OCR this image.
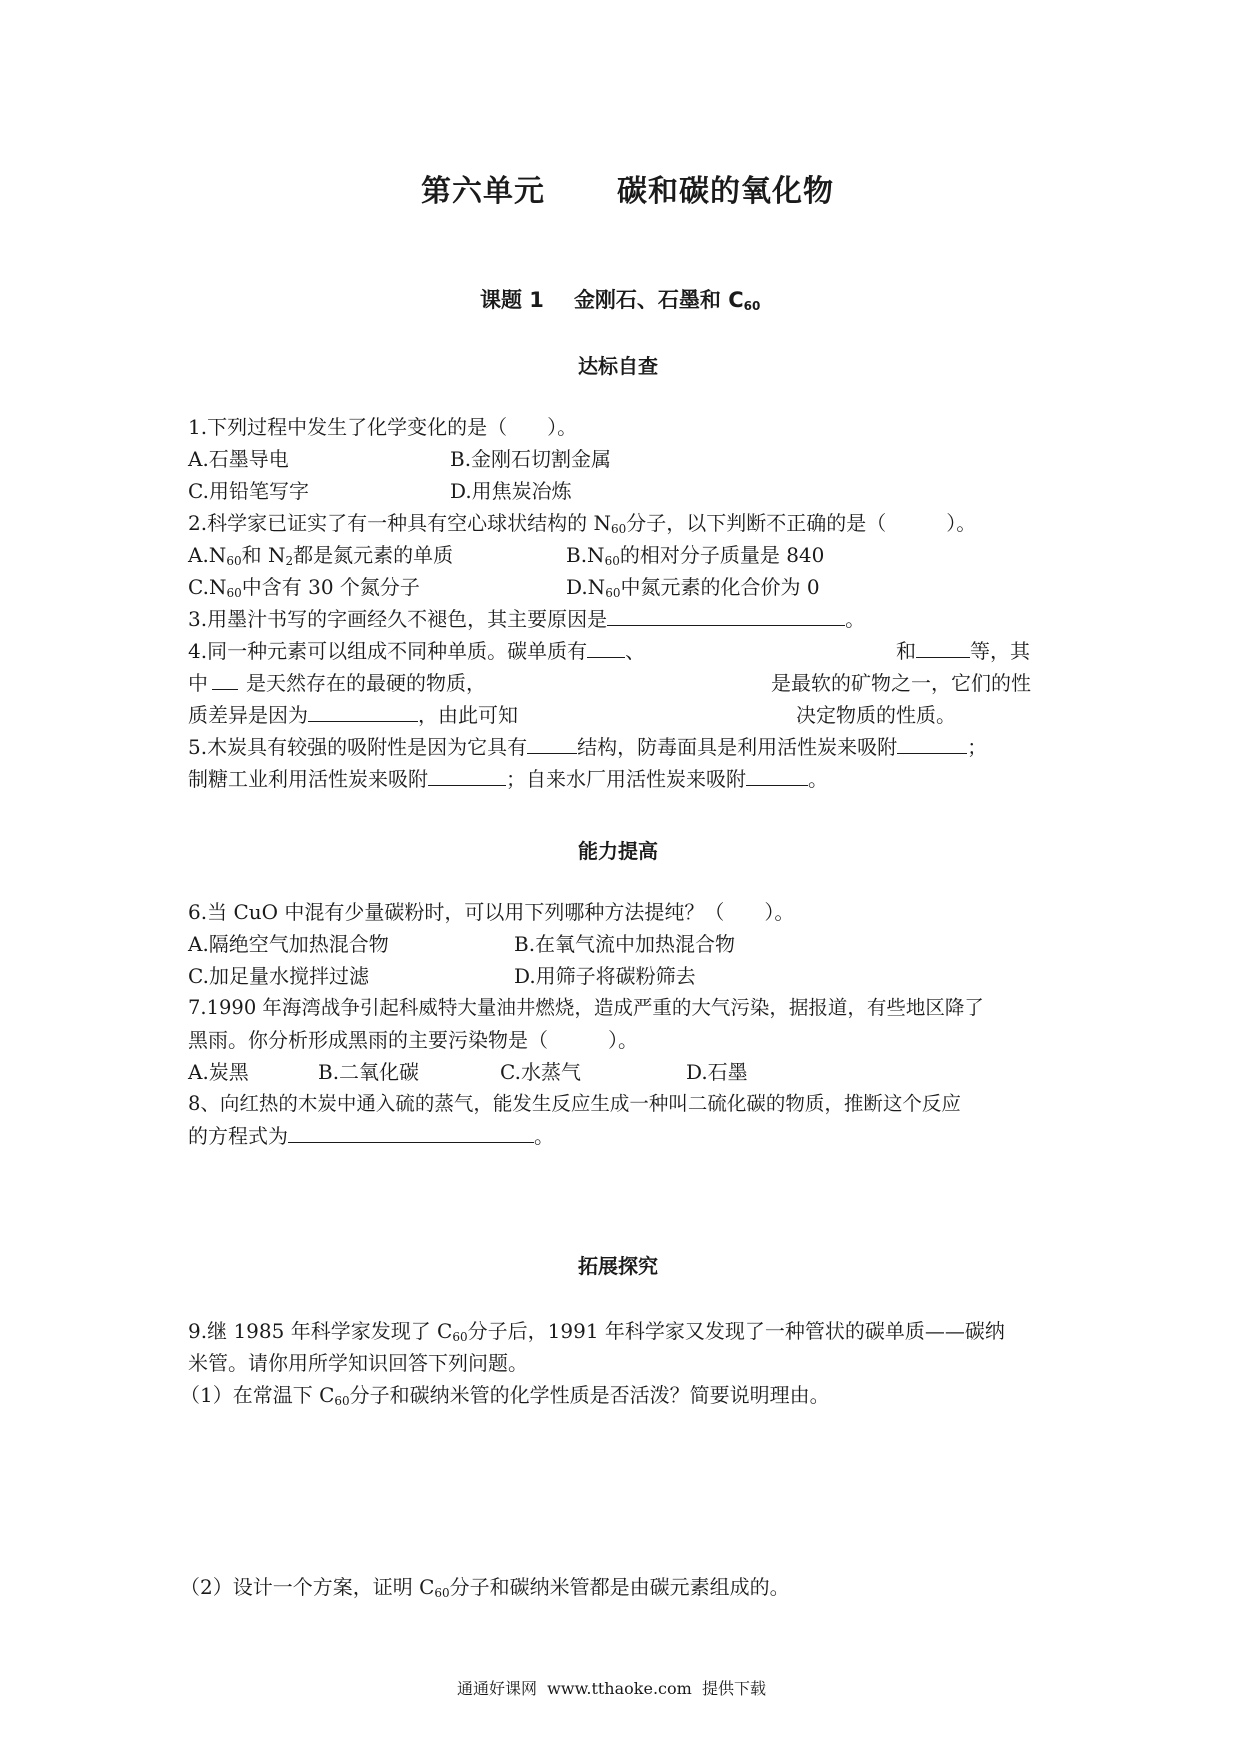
第六单元 碳和碳的氧化物
课题 1 金刚石、石墨和 $C_{60}$
达标自查
1.下列过程中发生了化学变化的是（　　）。
A.石墨导电	B.金刚石切割金属
C.用铅笔写字	D.用焦炭冶炼
2.科学家已证实了有一种具有空心球状结构的 $N_{60}$分子，以下判断不正确的是（　　　）。
$A.N_{60}$和 $N_2$都是氮元素的单质	$B.N_{60}$的相对分子质量是 840
$C.N_{60}$中含有 30 个氮分子	$D.N_{60}$中氮元素的化合价为 0
3.用墨汁书写的字画经久不褪色，其主要原因是	。
4.同一种元素可以组成不同种单质。碳单质有 、	和	等，其
中 是天然存在的最硬的物质，	是最软的矿物之一，它们的性
质差异是因为	，由此可知	决定物质的性质。
5.木炭具有较强的吸附性是因为它具有	结构，防毒面具是利用活性炭来吸附	；
制糖工业利用活性炭来吸附	；自来水厂用活性炭来吸附	。
能力提高
6.当 CuO 中混有少量碳粉时，可以用下列哪种方法提纯？（　　）。
A.隔绝空气加热混合物	B.在氧气流中加热混合物
C.加足量水搅拌过滤	D.用筛子将碳粉筛去
7.1990 年海湾战争引起科威特大量油井燃烧，造成严重的大气污染，据报道，有些地区降了
黑雨。你分析形成黑雨的主要污染物是（　　　）。
A.炭黑	B.二氧化碳	C.水蒸气	D.石墨
8、向红热的木炭中通入硫的蒸气，能发生反应生成一种叫二硫化碳的物质，推断这个反应
的方程式为	。
拓展探究
9.继 1985 年科学家发现了 $C_{60}$分子后，1991 年科学家又发现了一种管状的碳单质——碳纳
米管。请你用所学知识回答下列问题。
（1）在常温下 $C_{60}$分子和碳纳米管的化学性质是否活泼？简要说明理由。
（2）设计一个方案，证明 $C_{60}$分子和碳纳米管都是由碳元素组成的。
通通好课网  www.tthaoke.com  提供下载
